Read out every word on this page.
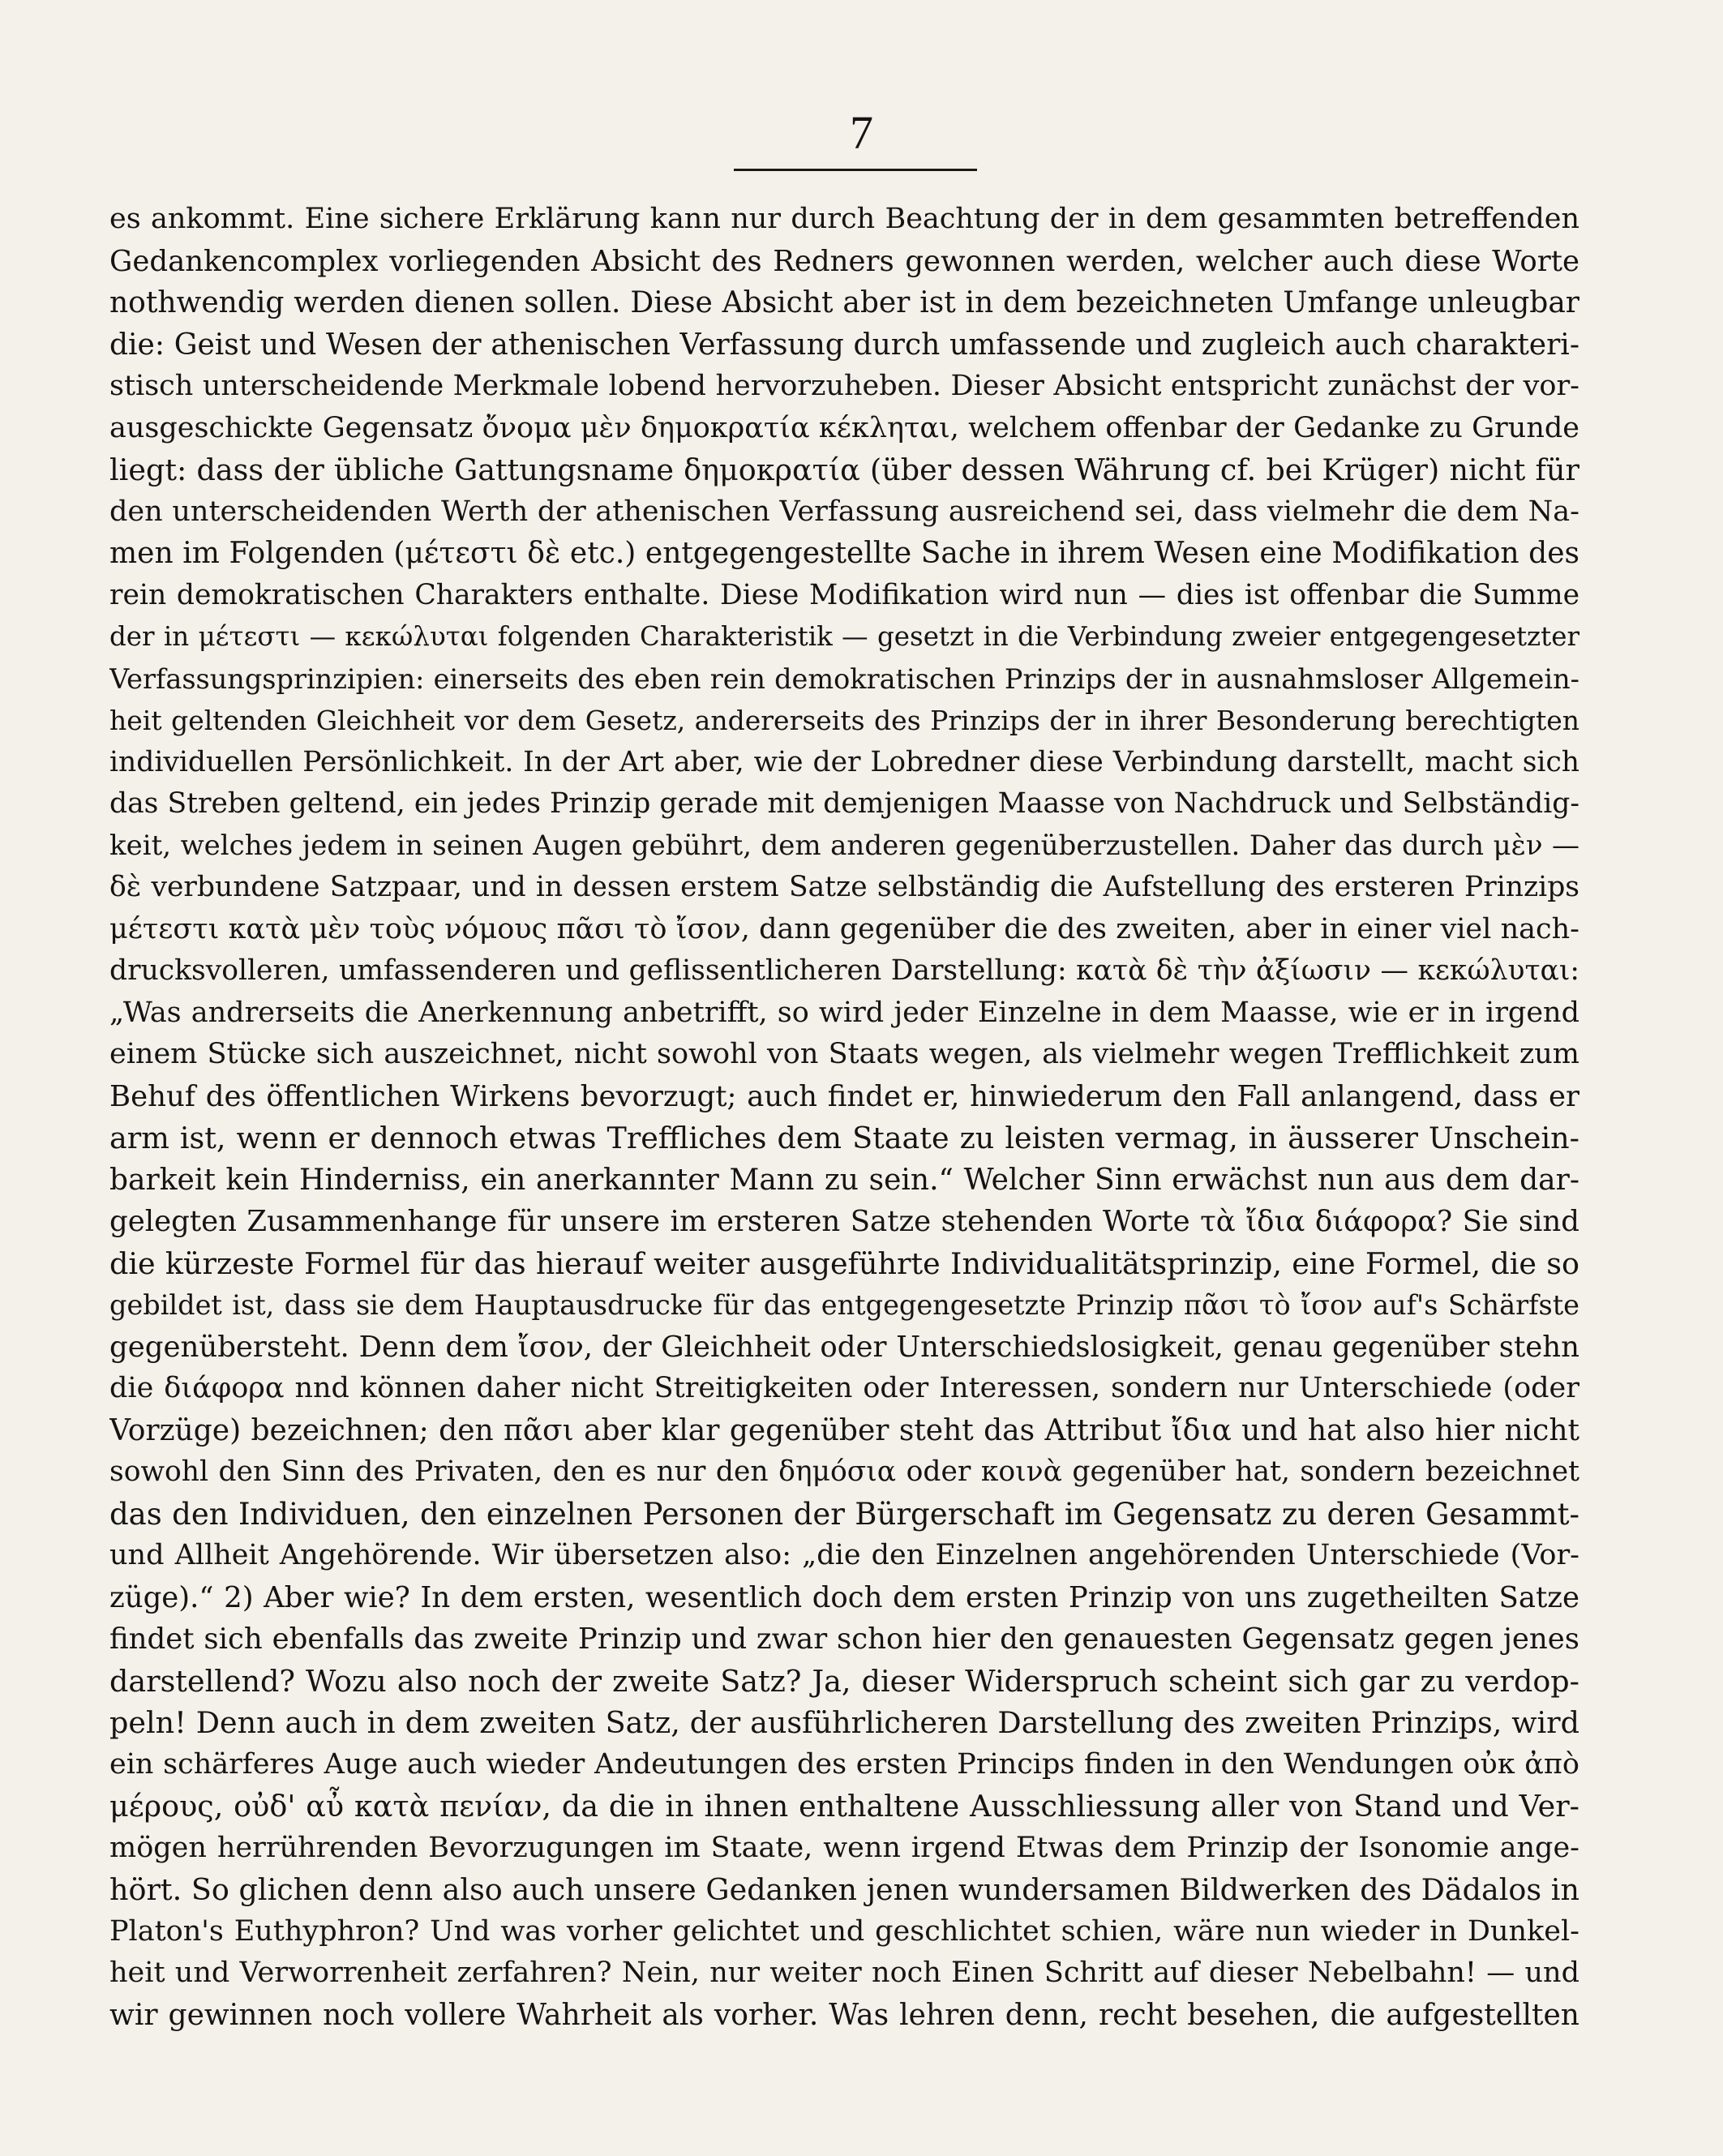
7
es ankommt. Eine sichere Erklärung kann nur durch Beachtung der in dem gesammten betreffenden
Gedankencomplex vorliegenden Absicht des Redners gewonnen werden, welcher auch diese Worte
nothwendig werden dienen sollen. Diese Absicht aber ist in dem bezeichneten Umfange unleugbar
die: Geist und Wesen der athenischen Verfassung durch umfassende und zugleich auch charakteri-
stisch unterscheidende Merkmale lobend hervorzuheben. Dieser Absicht entspricht zunächst der vor-
ausgeschickte Gegensatz ὄνομα μὲν δημοκρατία κέκληται, welchem offenbar der Gedanke zu Grunde
liegt: dass der übliche Gattungsname δημοκρατία (über dessen Währung cf. bei Krüger) nicht für
den unterscheidenden Werth der athenischen Verfassung ausreichend sei, dass vielmehr die dem Na-
men im Folgenden (μέτεστι δὲ etc.) entgegengestellte Sache in ihrem Wesen eine Modifikation des
rein demokratischen Charakters enthalte. Diese Modifikation wird nun — dies ist offenbar die Summe
der in μέτεστι — κεκώλυται folgenden Charakteristik — gesetzt in die Verbindung zweier entgegengesetzter
Verfassungsprinzipien: einerseits des eben rein demokratischen Prinzips der in ausnahmsloser Allgemein-
heit geltenden Gleichheit vor dem Gesetz, andererseits des Prinzips der in ihrer Besonderung berechtigten
individuellen Persönlichkeit. In der Art aber, wie der Lobredner diese Verbindung darstellt, macht sich
das Streben geltend, ein jedes Prinzip gerade mit demjenigen Maasse von Nachdruck und Selbständig-
keit, welches jedem in seinen Augen gebührt, dem anderen gegenüberzustellen. Daher das durch μὲν —
δὲ verbundene Satzpaar, und in dessen erstem Satze selbständig die Aufstellung des ersteren Prinzips
μέτεστι κατὰ μὲν τοὺς νόμους πᾶσι τὸ ἴσον, dann gegenüber die des zweiten, aber in einer viel nach-
drucksvolleren, umfassenderen und geflissentlicheren Darstellung: κατὰ δὲ τὴν ἀξίωσιν — κεκώλυται:
„Was andrerseits die Anerkennung anbetrifft, so wird jeder Einzelne in dem Maasse, wie er in irgend
einem Stücke sich auszeichnet, nicht sowohl von Staats wegen, als vielmehr wegen Trefflichkeit zum
Behuf des öffentlichen Wirkens bevorzugt; auch findet er, hinwiederum den Fall anlangend, dass er
arm ist, wenn er dennoch etwas Treffliches dem Staate zu leisten vermag, in äusserer Unschein-
barkeit kein Hinderniss, ein anerkannter Mann zu sein.“ Welcher Sinn erwächst nun aus dem dar-
gelegten Zusammenhange für unsere im ersteren Satze stehenden Worte τὰ ἴδια διάφορα? Sie sind
die kürzeste Formel für das hierauf weiter ausgeführte Individualitätsprinzip, eine Formel, die so
gebildet ist, dass sie dem Hauptausdrucke für das entgegengesetzte Prinzip πᾶσι τὸ ἴσον auf's Schärfste
gegenübersteht. Denn dem ἴσον, der Gleichheit oder Unterschiedslosigkeit, genau gegenüber stehn
die διάφορα nnd können daher nicht Streitigkeiten oder Interessen, sondern nur Unterschiede (oder
Vorzüge) bezeichnen; den πᾶσι aber klar gegenüber steht das Attribut ἴδια und hat also hier nicht
sowohl den Sinn des Privaten, den es nur den δημόσια oder κοινὰ gegenüber hat, sondern bezeichnet
das den Individuen, den einzelnen Personen der Bürgerschaft im Gegensatz zu deren Gesammt-
und Allheit Angehörende. Wir übersetzen also: „die den Einzelnen angehörenden Unterschiede (Vor-
züge).“ 2) Aber wie? In dem ersten, wesentlich doch dem ersten Prinzip von uns zugetheilten Satze
findet sich ebenfalls das zweite Prinzip und zwar schon hier den genauesten Gegensatz gegen jenes
darstellend? Wozu also noch der zweite Satz? Ja, dieser Widerspruch scheint sich gar zu verdop-
peln! Denn auch in dem zweiten Satz, der ausführlicheren Darstellung des zweiten Prinzips, wird
ein schärferes Auge auch wieder Andeutungen des ersten Princips finden in den Wendungen οὐκ ἀπὸ
μέρους, οὐδ' αὖ κατὰ πενίαν, da die in ihnen enthaltene Ausschliessung aller von Stand und Ver-
mögen herrührenden Bevorzugungen im Staate, wenn irgend Etwas dem Prinzip der Isonomie ange-
hört. So glichen denn also auch unsere Gedanken jenen wundersamen Bildwerken des Dädalos in
Platon's Euthyphron? Und was vorher gelichtet und geschlichtet schien, wäre nun wieder in Dunkel-
heit und Verworrenheit zerfahren? Nein, nur weiter noch Einen Schritt auf dieser Nebelbahn! — und
wir gewinnen noch vollere Wahrheit als vorher. Was lehren denn, recht besehen, die aufgestellten
